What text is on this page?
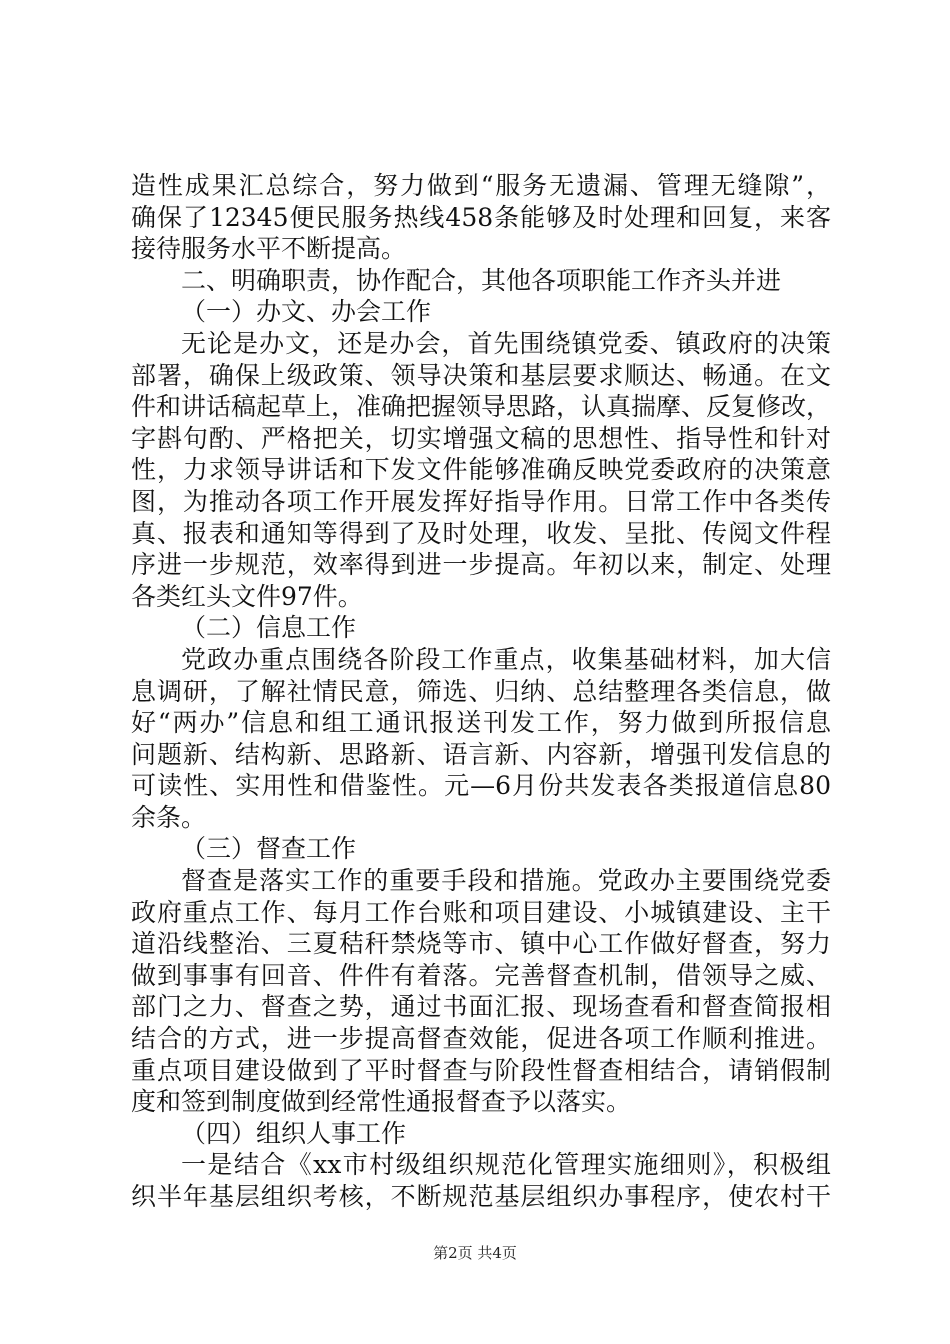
造性成果汇总综合，努力做到“服务无遗漏、管理无缝隙”，
确保了12345便民服务热线458条能够及时处理和回复，来客
接待服务水平不断提高。
二、明确职责，协作配合，其他各项职能工作齐头并进
（一）办文、办会工作
无论是办文，还是办会，首先围绕镇党委、镇政府的决策
部署，确保上级政策、领导决策和基层要求顺达、畅通。在文
件和讲话稿起草上，准确把握领导思路，认真揣摩、反复修改，
字斟句酌、严格把关，切实增强文稿的思想性、指导性和针对
性，力求领导讲话和下发文件能够准确反映党委政府的决策意
图，为推动各项工作开展发挥好指导作用。日常工作中各类传
真、报表和通知等得到了及时处理，收发、呈批、传阅文件程
序进一步规范，效率得到进一步提高。年初以来，制定、处理
各类红头文件97件。
（二）信息工作
党政办重点围绕各阶段工作重点，收集基础材料，加大信
息调研，了解社情民意，筛选、归纳、总结整理各类信息，做
好“两办”信息和组工通讯报送刊发工作，努力做到所报信息
问题新、结构新、思路新、语言新、内容新，增强刊发信息的
可读性、实用性和借鉴性。元—6月份共发表各类报道信息80
余条。
（三）督查工作
督查是落实工作的重要手段和措施。党政办主要围绕党委
政府重点工作、每月工作台账和项目建设、小城镇建设、主干
道沿线整治、三夏秸秆禁烧等市、镇中心工作做好督查，努力
做到事事有回音、件件有着落。完善督查机制，借领导之威、
部门之力、督查之势，通过书面汇报、现场查看和督查简报相
结合的方式，进一步提高督查效能，促进各项工作顺利推进。
重点项目建设做到了平时督查与阶段性督查相结合，请销假制
度和签到制度做到经常性通报督查予以落实。
（四）组织人事工作
一是结合《xx市村级组织规范化管理实施细则》，积极组
织半年基层组织考核，不断规范基层组织办事程序，使农村干
第2页 共4页
